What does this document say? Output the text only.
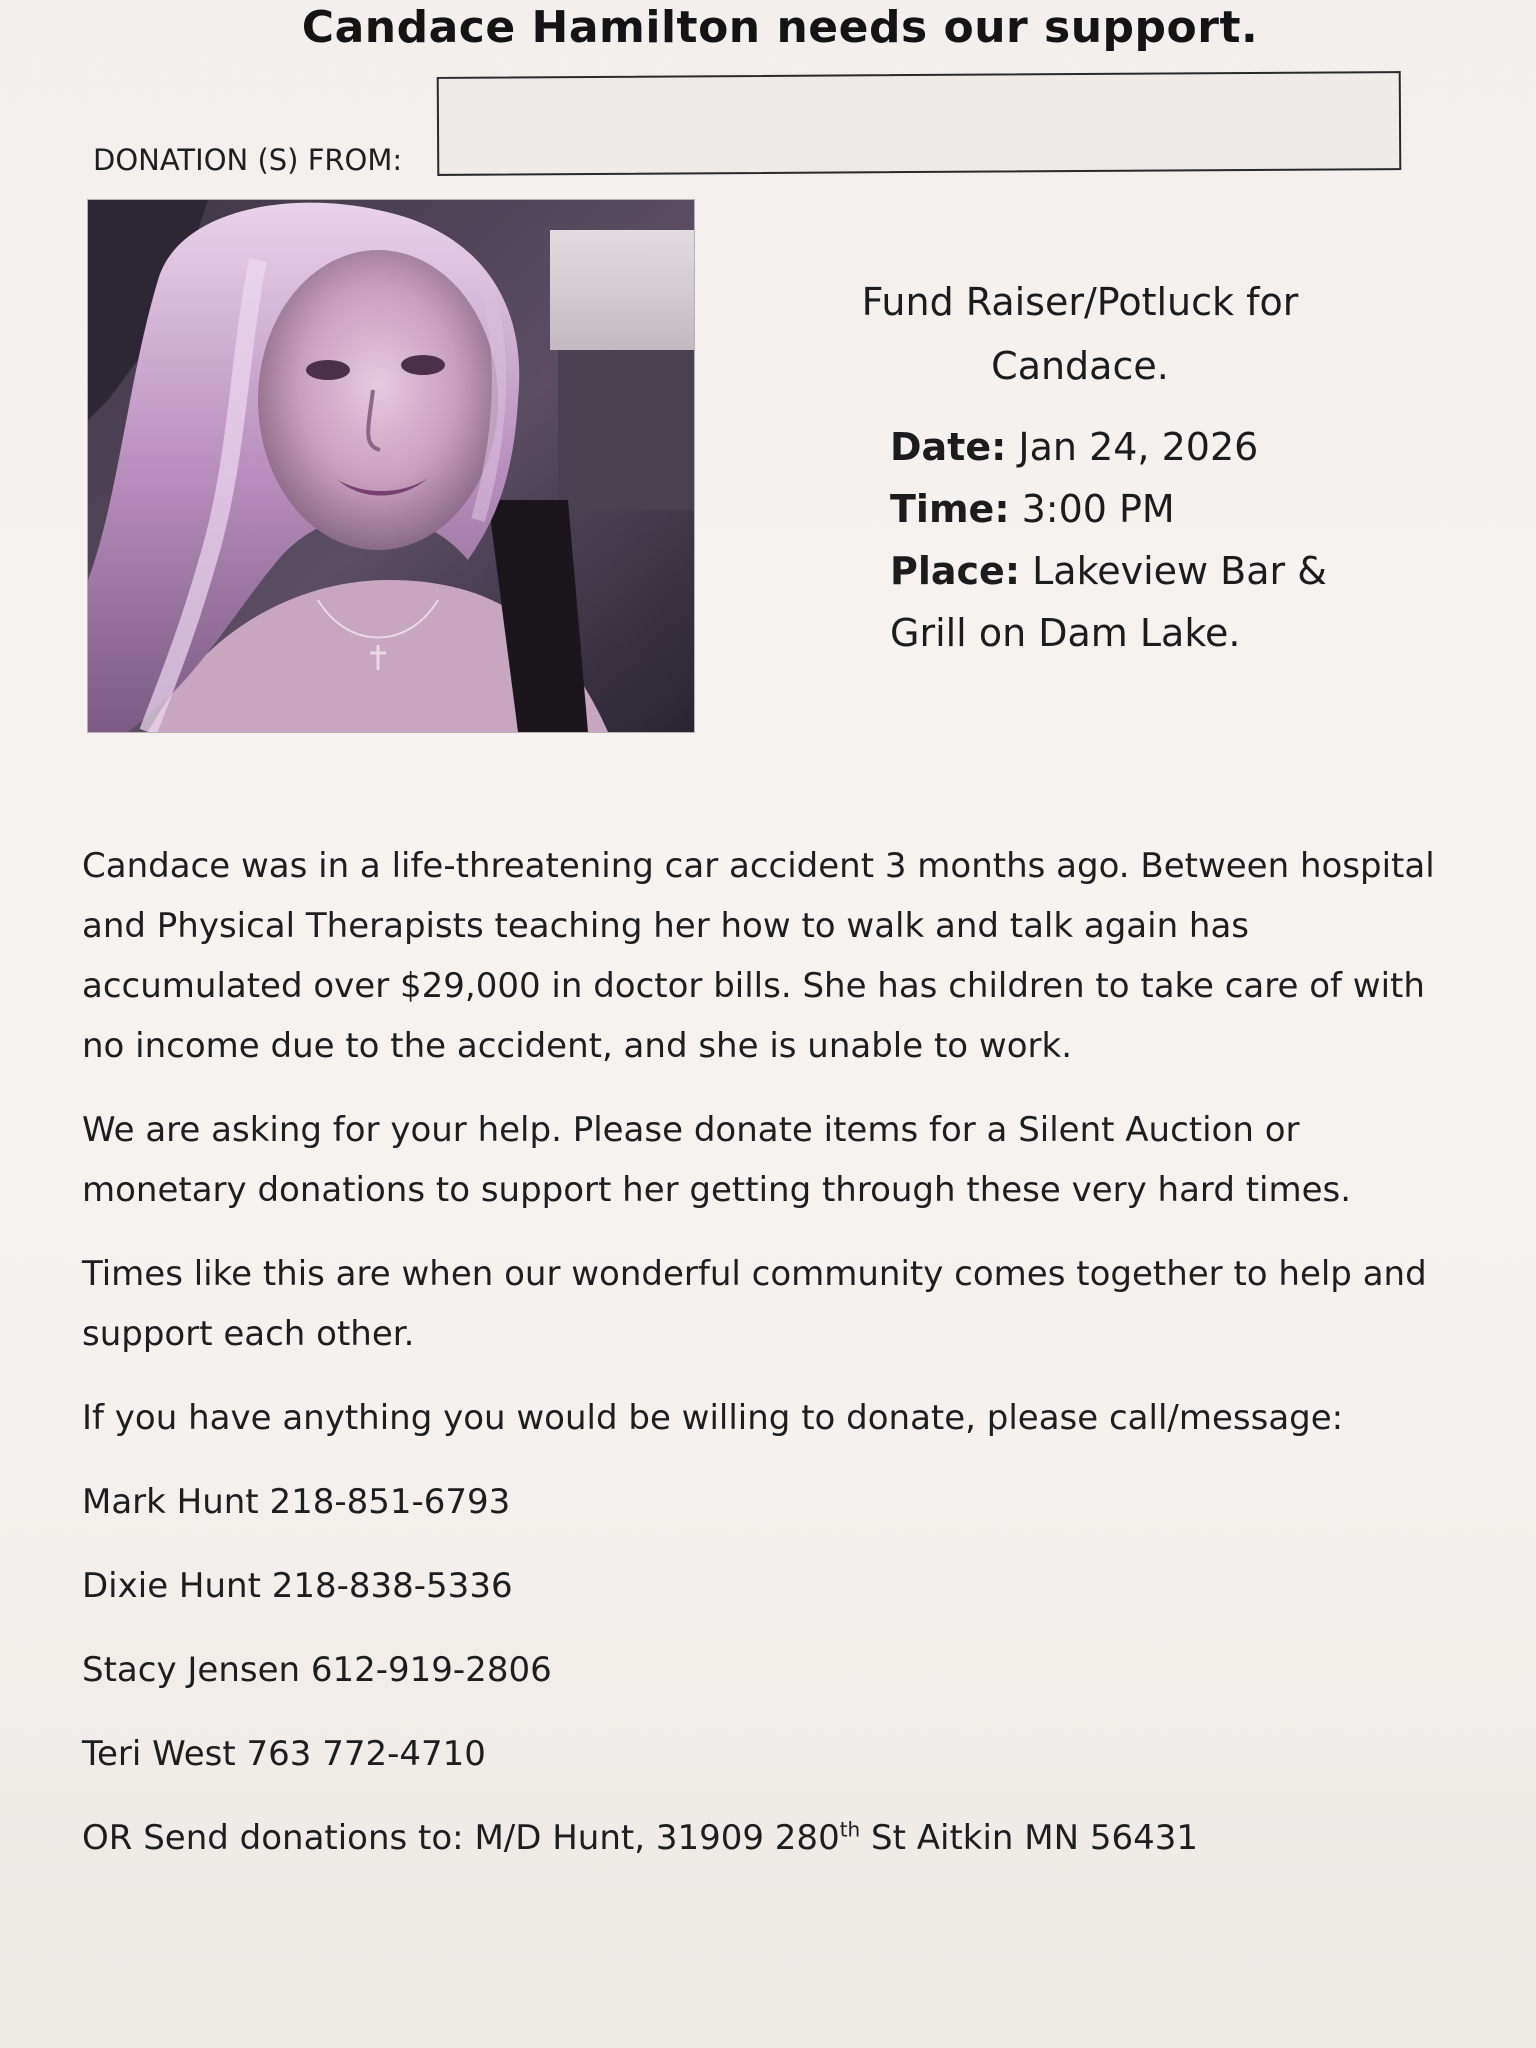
Candace Hamilton needs our support.
DONATION (S) FROM:
Fund Raiser/Potluck for
Candace.
Date: Jan 24, 2026
Time: 3:00 PM
Place: Lakeview Bar &
Grill on Dam Lake.

Candace was in a life-threatening car accident 3 months ago. Between hospital and Physical Therapists teaching her how to walk and talk again has accumulated over $29,000 in doctor bills. She has children to take care of with no income due to the accident, and she is unable to work.

We are asking for your help. Please donate items for a Silent Auction or monetary donations to support her getting through these very hard times.

Times like this are when our wonderful community comes together to help and support each other.

If you have anything you would be willing to donate, please call/message:

Mark Hunt 218-851-6793
Dixie Hunt 218-838-5336
Stacy Jensen 612-919-2806
Teri West 763 772-4710
OR Send donations to: M/D Hunt, 31909 280th St Aitkin MN 56431
